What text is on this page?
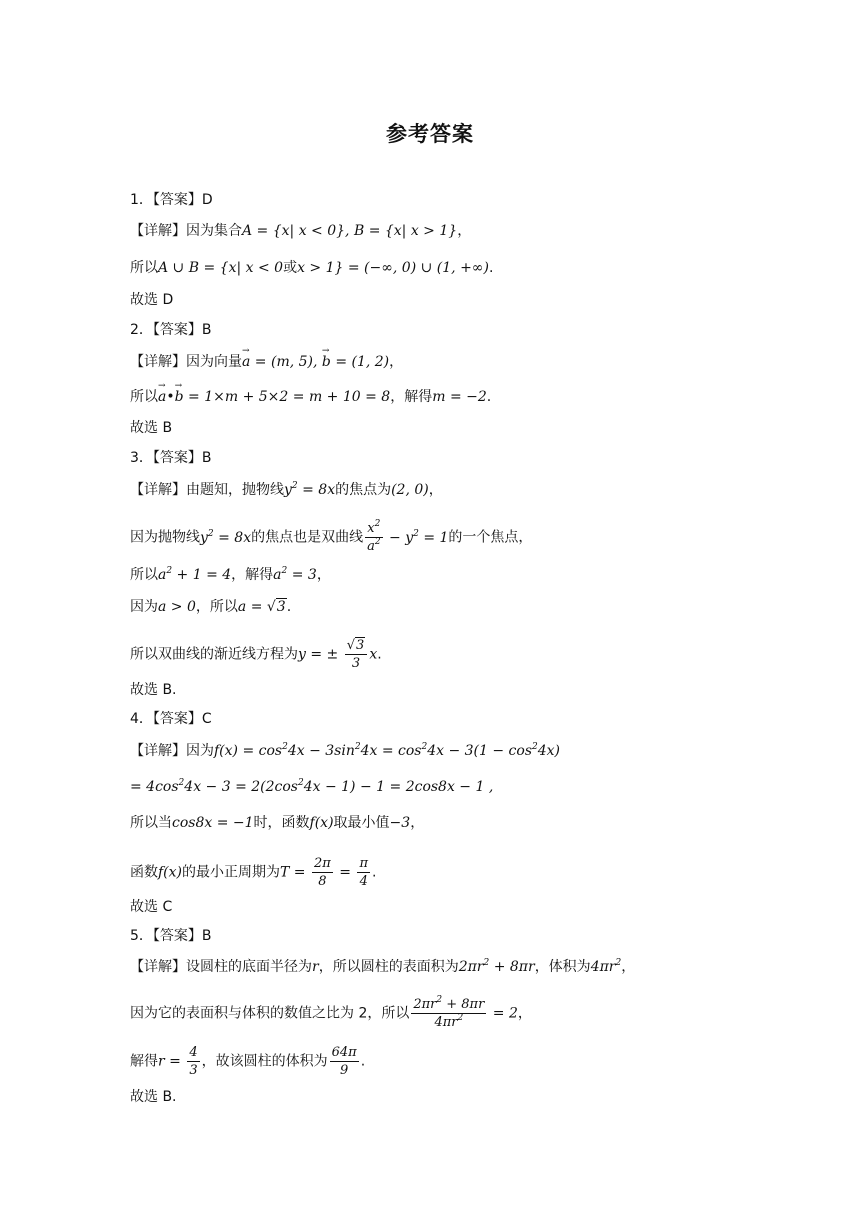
参考答案
1．【答案】D
【详解】因为集合A = {x| x < 0}, B = {x| x > 1}，
所以A ∪ B = {x| x < 0或x > 1} = (−∞, 0) ∪ (1, +∞).
故选 D
2．【答案】B
【详解】因为向量→ a = (m, 5), → b = (1, 2)，
所以→ a•→ b = 1×m + 5×2 = m + 10 = 8，解得m = −2.
故选 B
3．【答案】B
【详解】由题知，抛物线$y^2 = 8x$的焦点为(2, 0)，
因为抛物线$y^2 = 8x$的焦点也是双曲线 $\frac{x^2}{a^2} - y^2 = 1$的一个焦点，
所以$a^2 + 1 = 4$，解得$a^2 = 3$，
因为a > 0，所以a = √3.
所以双曲线的渐近线方程为y = ± $\frac{√3}{3} x$.
故选 B.
4．【答案】C
【详解】因为$f(x) = \cos^24x - 3\sin^24x = \cos^24x - 3(1 - \cos^24x)$
= $4\cos^24x - 3 = 2(2\cos^24x - 1) - 1 = 2\cos 8x - 1$ ,
所以当cos8x = −1时，函数f(x)取最小值−3，
函数f(x)的最小正周期为$T = \frac{2\pi}{8} = \frac{\pi}{4}$ .
故选 C
5．【答案】B
【详解】设圆柱的底面半径为r，所以圆柱的表面积为$2\pi r^2 + 8\pi r$，体积为$4\pi r^2$，
因为它的表面积与体积的数值之比为 2，所以 $\frac{2\pi r^2 + 8\pi r}{4\pi r^2} = 2$，
解得$r = \frac{4}{3}$ ，故该圆柱的体积为 $\frac{64\pi}{9}$ .
故选 B.
